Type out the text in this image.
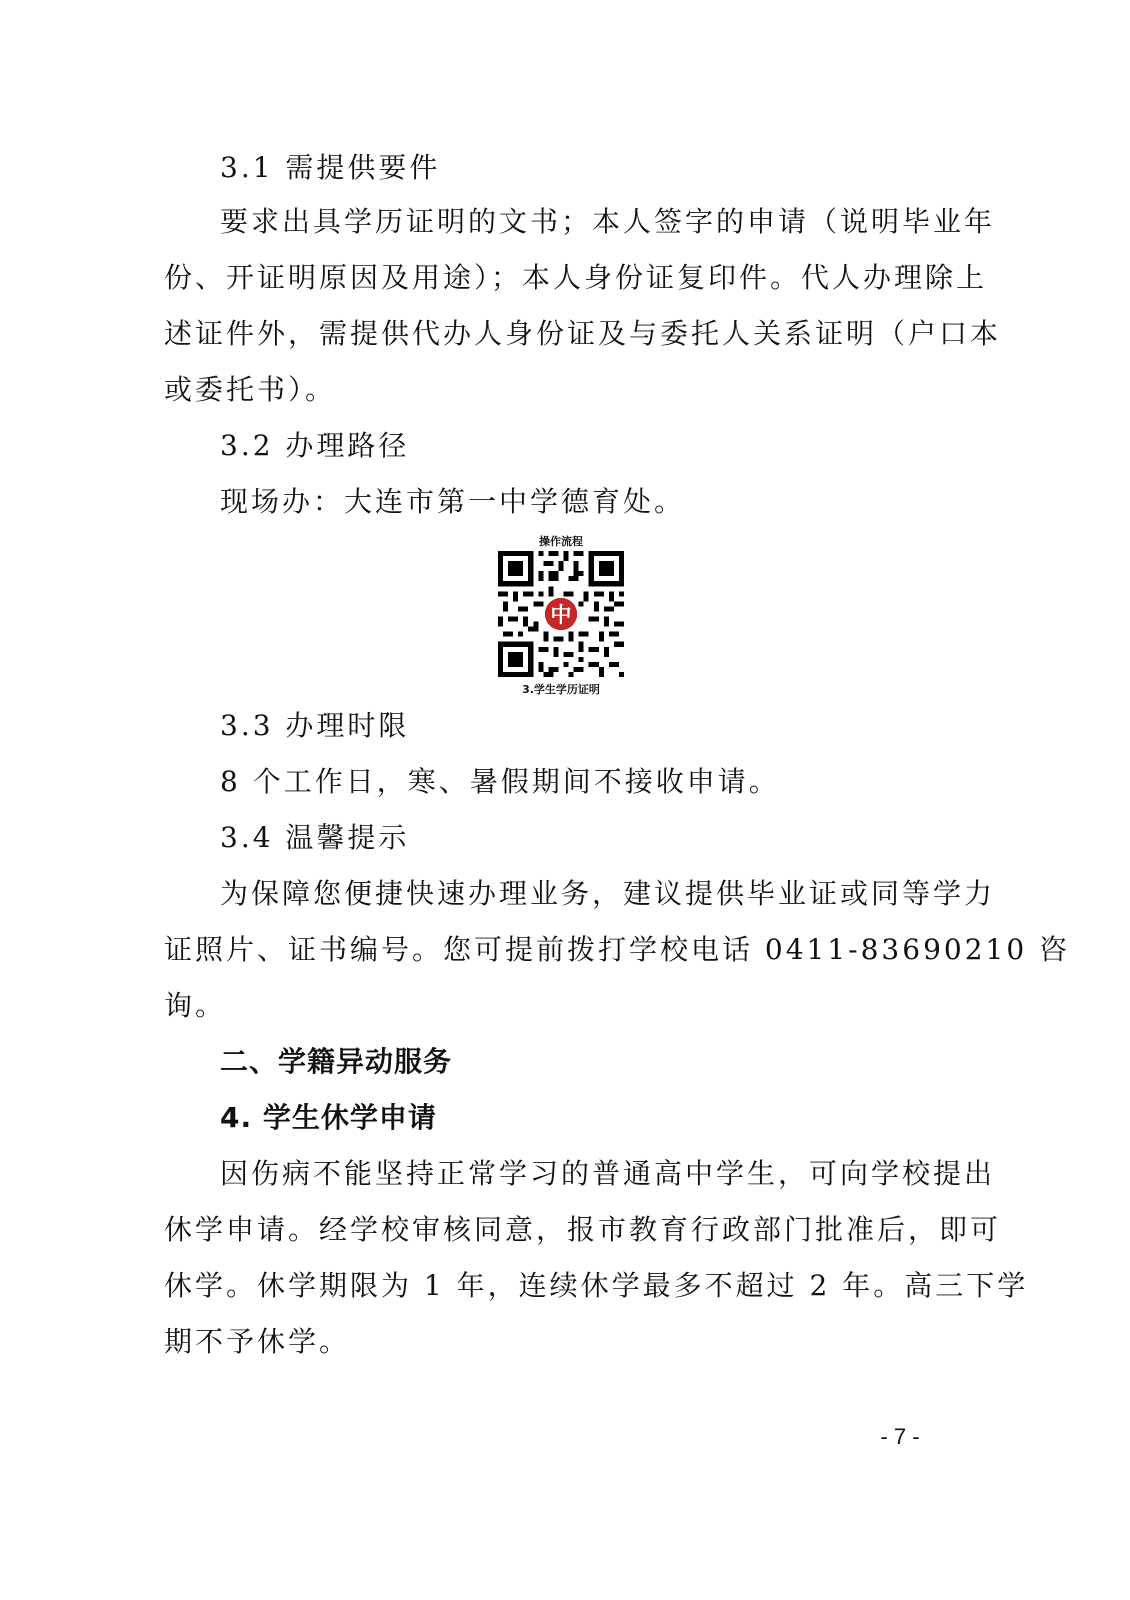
3.1 需提供要件
要求出具学历证明的文书；本人签字的申请（说明毕业年
份、开证明原因及用途）；本人身份证复印件。代人办理除上
述证件外，需提供代办人身份证及与委托人关系证明（户口本
或委托书）。
3.2 办理路径
现场办：大连市第一中学德育处。
操作流程
中
3.学生学历证明
3.3 办理时限
8 个工作日，寒、暑假期间不接收申请。
3.4 温馨提示
为保障您便捷快速办理业务，建议提供毕业证或同等学力
证照片、证书编号。您可提前拨打学校电话 0411-83690210 咨
询。
二、学籍异动服务
4. 学生休学申请
因伤病不能坚持正常学习的普通高中学生，可向学校提出
休学申请。经学校审核同意，报市教育行政部门批准后，即可
休学。休学期限为 1 年，连续休学最多不超过 2 年。高三下学
期不予休学。
- 7 -
